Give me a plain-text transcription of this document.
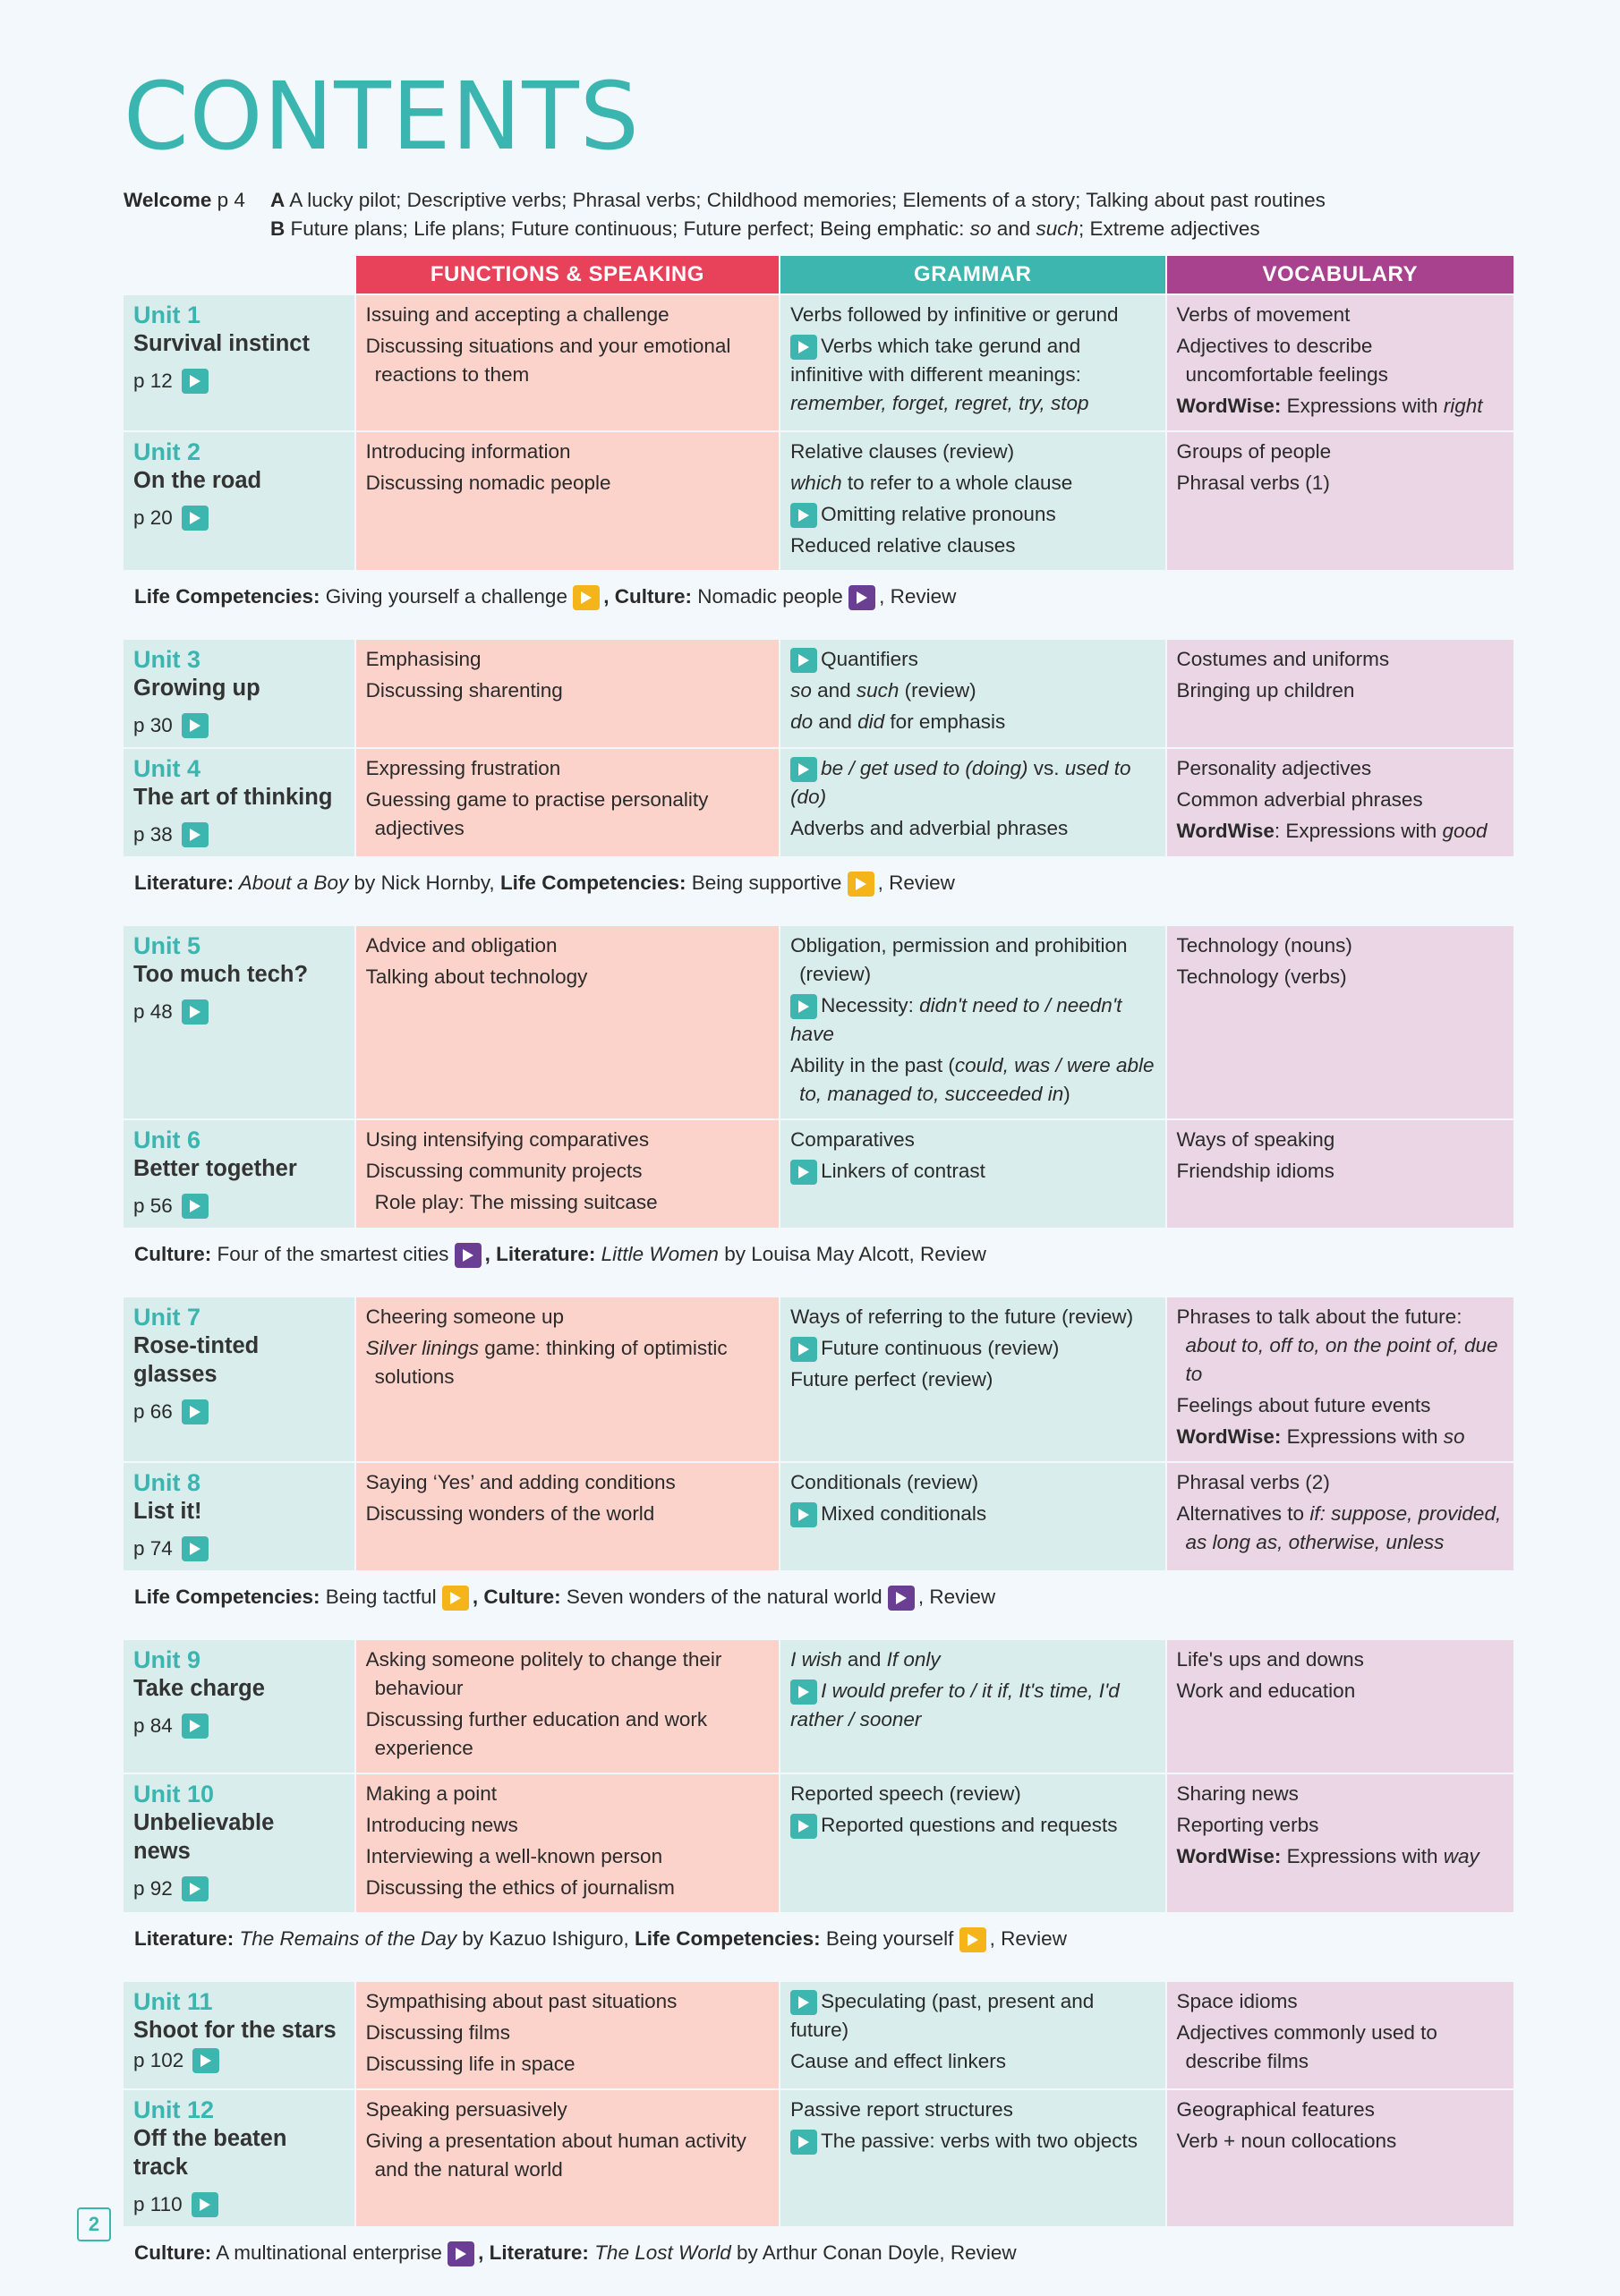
CONTENTS
Welcome p 4 A A lucky pilot; Descriptive verbs; Phrasal verbs; Childhood memories; Elements of a story; Talking about past routines
B Future plans; Life plans; Future continuous; Future perfect; Being emphatic: so and such; Extreme adjectives
FUNCTIONS & SPEAKING	GRAMMAR	VOCABULARY
Unit 1
Survival instinct
p 12
Issuing and accepting a challenge
Discussing situations and your emotional reactions to them
Verbs followed by infinitive or gerund
Verbs which take gerund and infinitive with different meanings: remember, forget, regret, try, stop
Verbs of movement
Adjectives to describe uncomfortable feelings
WordWise: Expressions with right
Unit 2
On the road
p 20
Introducing information
Discussing nomadic people
Relative clauses (review)
which to refer to a whole clause
Omitting relative pronouns
Reduced relative clauses
Groups of people
Phrasal verbs (1)
Life Competencies: Giving yourself a challenge
, Culture: Nomadic people
, Review
Unit 3
Growing up
p 30
Emphasising
Discussing sharenting
Quantifiers
so and such (review)
do and did for emphasis
Costumes and uniforms
Bringing up children
Unit 4
The art of thinking
p 38
Expressing frustration
Guessing game to practise personality adjectives
be / get used to (doing) vs. used to (do)
Adverbs and adverbial phrases
Personality adjectives
Common adverbial phrases
WordWise: Expressions with good
Literature: About a Boy by Nick Hornby, Life Competencies: Being supportive
, Review
Unit 5
Too much tech?
p 48
Advice and obligation
Talking about technology
Obligation, permission and prohibition (review)
Necessity: didn't need to / needn't have
Ability in the past (could, was / were able to, managed to, succeeded in)
Technology (nouns)
Technology (verbs)
Unit 6
Better together
p 56
Using intensifying comparatives
Discussing community projects
Role play: The missing suitcase
Comparatives
Linkers of contrast
Ways of speaking
Friendship idioms
Culture: Four of the smartest cities
, Literature: Little Women by Louisa May Alcott, Review
Unit 7
Rose-tinted glasses
p 66
Cheering someone up
Silver linings game: thinking of optimistic solutions
Ways of referring to the future (review)
Future continuous (review)
Future perfect (review)
Phrases to talk about the future: about to, off to, on the point of, due to
Feelings about future events
WordWise: Expressions with so
Unit 8
List it!
p 74
Saying ‘Yes’ and adding conditions
Discussing wonders of the world
Conditionals (review)
Mixed conditionals
Phrasal verbs (2)
Alternatives to if: suppose, provided, as long as, otherwise, unless
Life Competencies: Being tactful
, Culture: Seven wonders of the natural world
, Review
Unit 9
Take charge
p 84
Asking someone politely to change their behaviour
Discussing further education and work experience
I wish and If only
I would prefer to / it if, It's time, I'd rather / sooner
Life's ups and downs
Work and education
Unit 10
Unbelievable news
p 92
Making a point
Introducing news
Interviewing a well-known person
Discussing the ethics of journalism
Reported speech (review)
Reported questions and requests
Sharing news
Reporting verbs
WordWise: Expressions with way
Literature: The Remains of the Day by Kazuo Ishiguro, Life Competencies: Being yourself
, Review
Unit 11
Shoot for the stars
p 102
Sympathising about past situations
Discussing films
Discussing life in space
Speculating (past, present and future)
Cause and effect linkers
Space idioms
Adjectives commonly used to describe films
Unit 12
Off the beaten track
p 110
Speaking persuasively
Giving a presentation about human activity and the natural world
Passive report structures
The passive: verbs with two objects
Geographical features
Verb + noun collocations
Culture: A multinational enterprise
, Literature: The Lost World by Arthur Conan Doyle, Review
2
